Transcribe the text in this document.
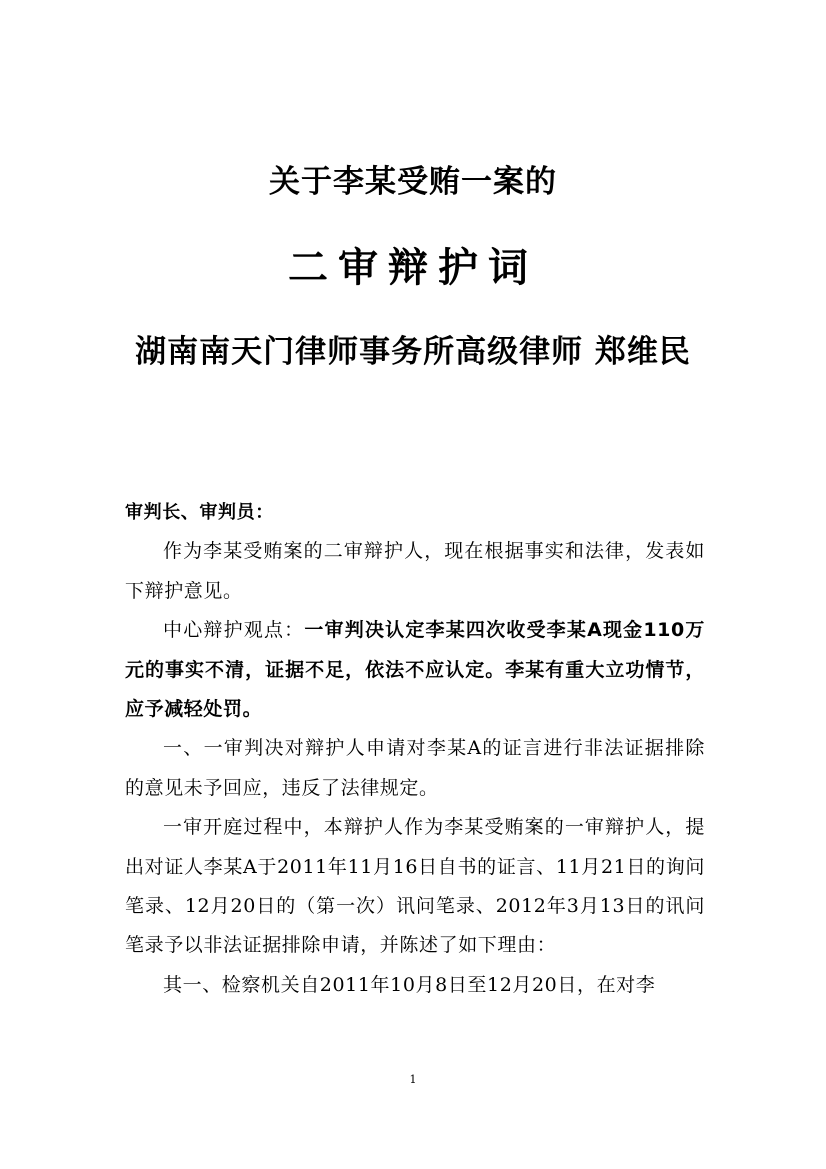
关于李某受贿一案的
二审辩护词
湖南南天门律师事务所高级律师 郑维民

审判长、审判员：

作为李某受贿案的二审辩护人，现在根据事实和法律，发表如下辩护意见。

中心辩护观点：一审判决认定李某四次收受李某A现金110万元的事实不清，证据不足，依法不应认定。李某有重大立功情节，应予减轻处罚。

一、一审判决对辩护人申请对李某A的证言进行非法证据排除的意见未予回应，违反了法律规定。

一审开庭过程中，本辩护人作为李某受贿案的一审辩护人，提出对证人李某A于2011年11月16日自书的证言、11月21日的询问笔录、12月20日的（第一次）讯问笔录、2012年3月13日的讯问笔录予以非法证据排除申请，并陈述了如下理由：

其一、检察机关自2011年10月8日至12月20日，在对李

1
